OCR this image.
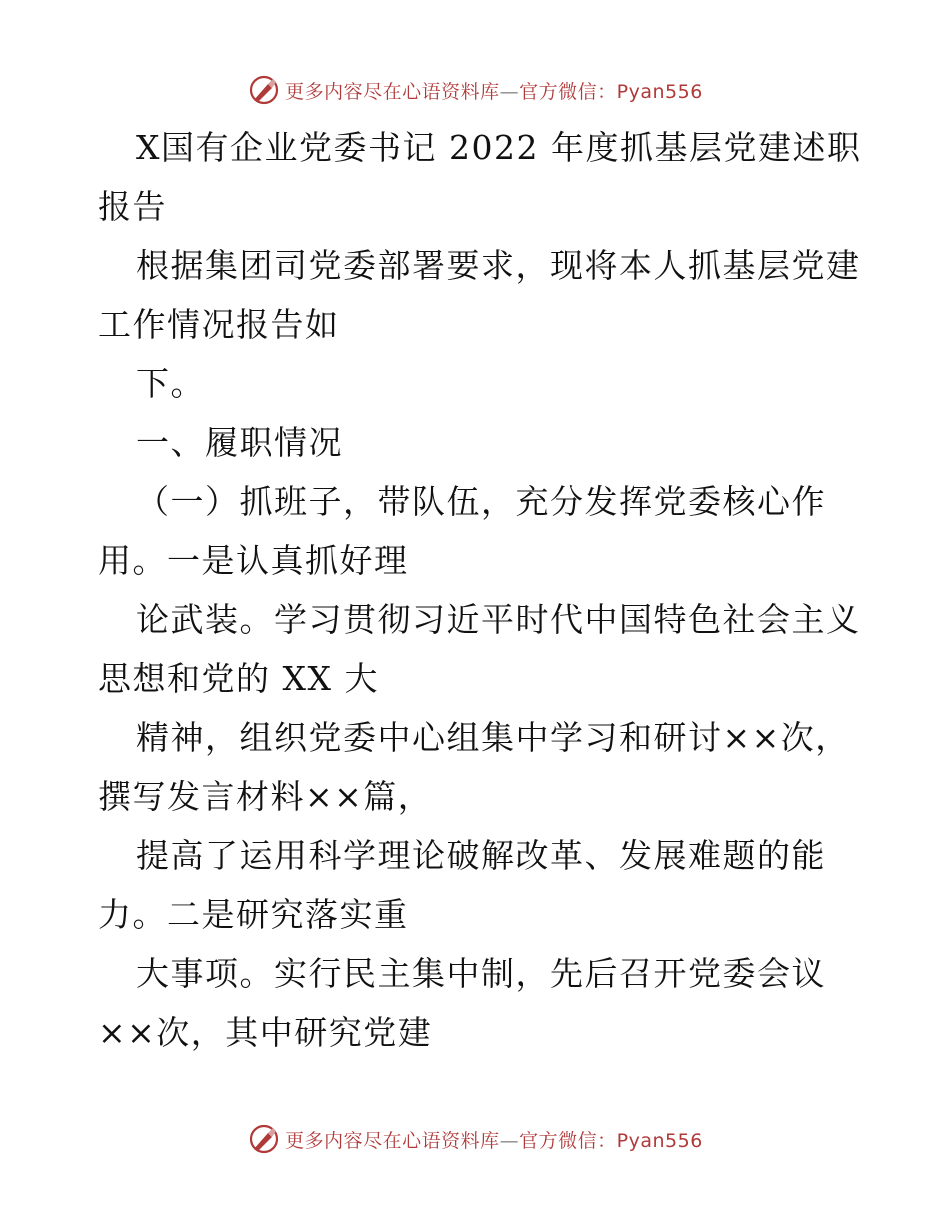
更多内容尽在心语资料库—官方微信：Pyan556

X国有企业党委书记 2022 年度抓基层党建述职
报告
根据集团司党委部署要求，现将本人抓基层党建
工作情况报告如
下。
一、履职情况
（一）抓班子，带队伍，充分发挥党委核心作
用。一是认真抓好理
论武装。学习贯彻习近平时代中国特色社会主义
思想和党的 XX 大
精神，组织党委中心组集中学习和研讨××次，
撰写发言材料××篇，
提高了运用科学理论破解改革、发展难题的能
力。二是研究落实重
大事项。实行民主集中制，先后召开党委会议
××次，其中研究党建

更多内容尽在心语资料库—官方微信：Pyan556
